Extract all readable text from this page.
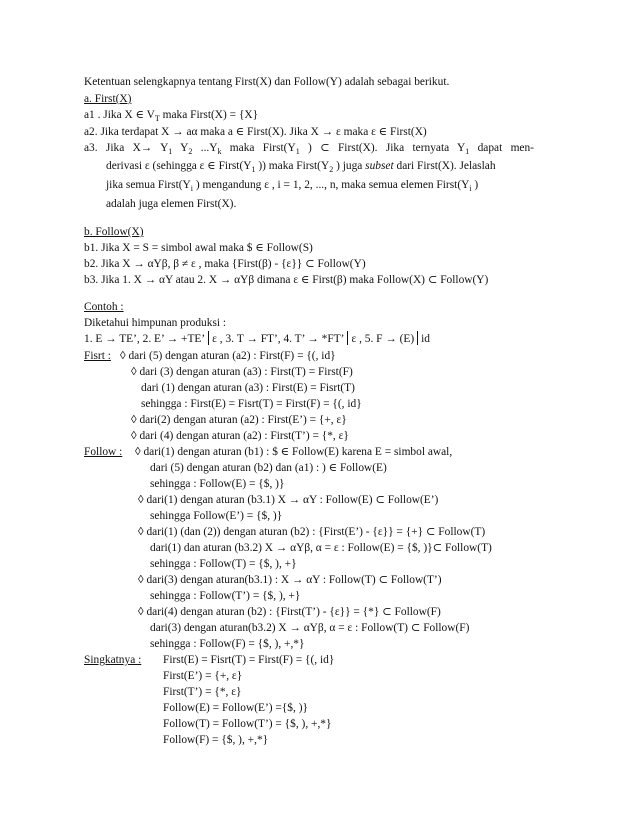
Ketentuan selengkapnya tentang First(X) dan Follow(Y) adalah sebagai berikut.
a. First(X)
a1 . Jika X ∈ $V_T$ maka First(X) = {X}
a2. Jika terdapat X → aα maka a ∈ First(X). Jika X → ε maka ε ∈ First(X)
a3. Jika $X\to Y_1$ $Y_2$ $...Y_k$ maka $First(Y_1$ ) ⊂ First(X). Jika ternyata $Y_1$ dapat men-
derivasi ε (sehingga ε ∈ $First(Y_1$ )) maka $First(Y_2$ ) juga subset dari First(X). Jelaslah
jika semua $First(Y_i$ ) mengandung ε , i = 1, 2, ..., n, maka semua elemen $First(Y_i$ )
adalah juga elemen First(X).
b. Follow(X)
b1. Jika X = S = simbol awal maka $ ∈ Follow(S)
b2. Jika X → αYβ, β ≠ ε , maka {First(β) - {ε}} ⊂ Follow(Y)
b3. Jika 1. X → αY atau 2. X → αYβ dimana ε ∈ First(β) maka Follow(X) ⊂ Follow(Y)
Contoh :
Diketahui himpunan produksi :
1. E → TE’, 2. E’ → +TE’ ε , 3. T → FT’, 4. T’ → *FT’ ε , 5. F → (E) id
Fisrt : ◊ dari (5) dengan aturan (a2) : First(F) = {(, id}
◊ dari (3) dengan aturan (a3) : First(T) = First(F)
dari (1) dengan aturan (a3) : First(E) = Fisrt(T)
sehingga : First(E) = Fisrt(T) = First(F) = {(, id}
◊ dari(2) dengan aturan (a2) : First(E’) = {+, ε}
◊ dari (4) dengan aturan (a2) : First(T’) = {*, ε}
Follow : ◊ dari(1) dengan aturan (b1) : $ ∈ Follow(E) karena E = simbol awal,
dari (5) dengan aturan (b2) dan (a1) : ) ∈ Follow(E)
sehingga : Follow(E) = {$, )}
◊ dari(1) dengan aturan (b3.1) X → αY : Follow(E) ⊂ Follow(E’)
sehingga Follow(E’) = {$, )}
◊ dari(1) (dan (2)) dengan aturan (b2) : {First(E’) - {ε}} = {+} ⊂ Follow(T)
dari(1) dan aturan (b3.2) X → αYβ, α = ε : Follow(E) = {$, )}⊂ Follow(T)
sehingga : Follow(T) = {$, ), +}
◊ dari(3) dengan aturan(b3.1) : X → αY : Follow(T) ⊂ Follow(T’)
sehingga : Follow(T’) = {$, ), +}
◊ dari(4) dengan aturan (b2) : {First(T’) - {ε}} = {*} ⊂ Follow(F)
dari(3) dengan aturan(b3.2) X → αYβ, α = ε : Follow(T) ⊂ Follow(F)
sehingga : Follow(F) = {$, ), +,*}
Singkatnya : First(E) = Fisrt(T) = First(F) = {(, id}
First(E’) = {+, ε}
First(T’) = {*, ε}
Follow(E) = Follow(E’) ={$, )}
Follow(T) = Follow(T’) = {$, ), +,*}
Follow(F) = {$, ), +,*}
